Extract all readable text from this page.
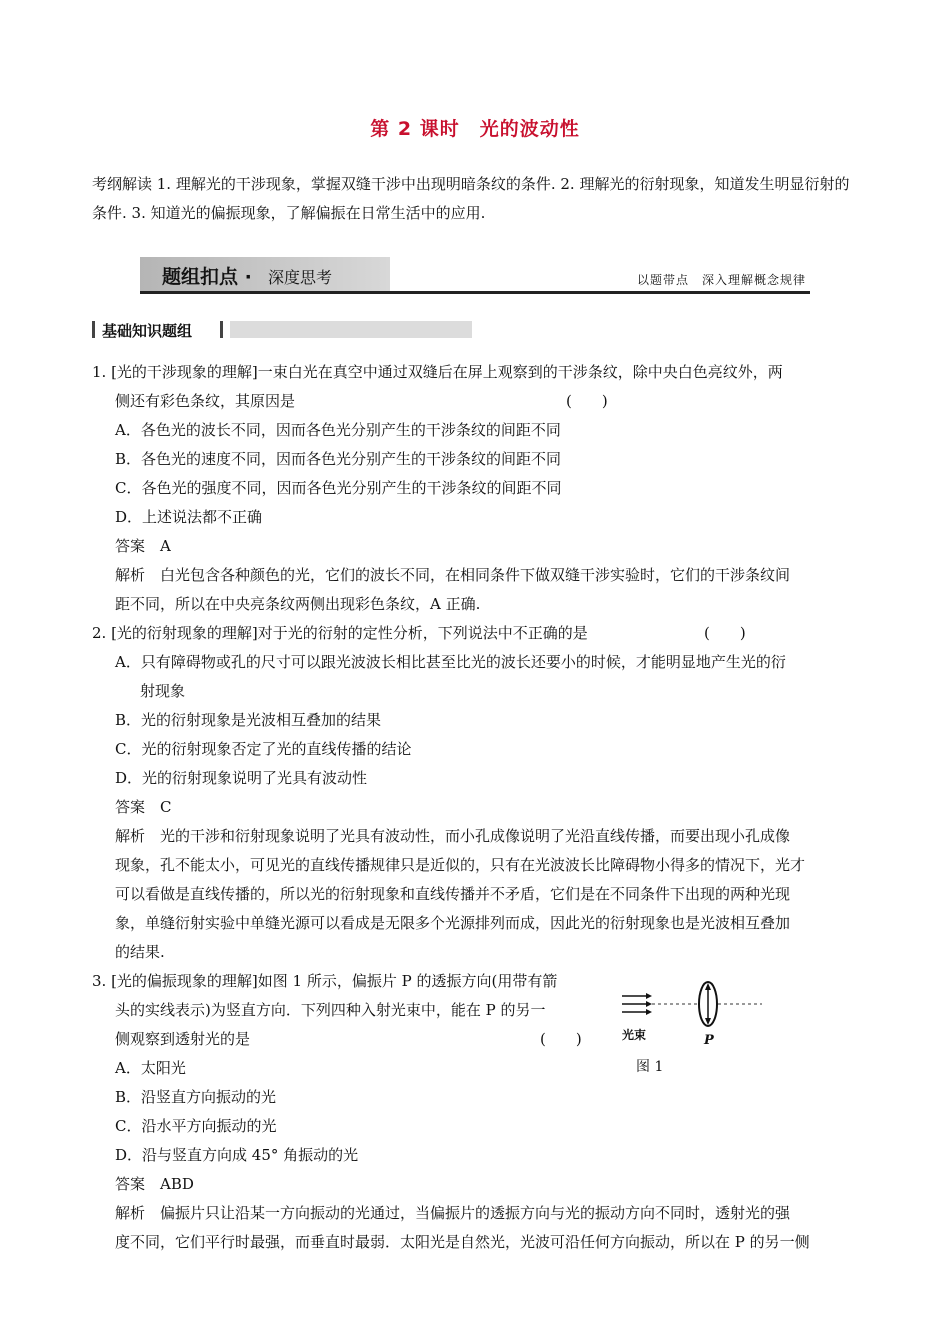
第 2 课时　光的波动性
考纲解读 1. 理解光的干涉现象，掌握双缝干涉中出现明暗条纹的条件. 2. 理解光的衍射现象，知道发生明显衍射的条件. 3. 知道光的偏振现象，了解偏振在日常生活中的应用.
题组扣点 · 深度思考	以题带点　深入理解概念规律
基础知识题组
1. [光的干涉现象的理解]一束白光在真空中通过双缝后在屏上观察到的干涉条纹，除中央白色亮纹外，两
侧还有彩色条纹，其原因是	(　　)
A．各色光的波长不同，因而各色光分别产生的干涉条纹的间距不同
B．各色光的速度不同，因而各色光分别产生的干涉条纹的间距不同
C．各色光的强度不同，因而各色光分别产生的干涉条纹的间距不同
D．上述说法都不正确
答案　A
解析　白光包含各种颜色的光，它们的波长不同，在相同条件下做双缝干涉实验时，它们的干涉条纹间
距不同，所以在中央亮条纹两侧出现彩色条纹，A 正确.
2. [光的衍射现象的理解]对于光的衍射的定性分析，下列说法中不正确的是	(　　)
A．只有障碍物或孔的尺寸可以跟光波波长相比甚至比光的波长还要小的时候，才能明显地产生光的衍
射现象
B．光的衍射现象是光波相互叠加的结果
C．光的衍射现象否定了光的直线传播的结论
D．光的衍射现象说明了光具有波动性
答案　C
解析　光的干涉和衍射现象说明了光具有波动性，而小孔成像说明了光沿直线传播，而要出现小孔成像
现象，孔不能太小，可见光的直线传播规律只是近似的，只有在光波波长比障碍物小得多的情况下，光才
可以看做是直线传播的，所以光的衍射现象和直线传播并不矛盾，它们是在不同条件下出现的两种光现
象，单缝衍射实验中单缝光源可以看成是无限多个光源排列而成，因此光的衍射现象也是光波相互叠加
的结果.
3. [光的偏振现象的理解]如图 1 所示，偏振片 P 的透振方向(用带有箭
头的实线表示)为竖直方向．下列四种入射光束中，能在 P 的另一
侧观察到透射光的是	(　　)
A．太阳光
B．沿竖直方向振动的光
C．沿水平方向振动的光
D．沿与竖直方向成 45° 角振动的光
答案　ABD
解析　偏振片只让沿某一方向振动的光通过，当偏振片的透振方向与光的振动方向不同时，透射光的强
度不同，它们平行时最强，而垂直时最弱．太阳光是自然光，光波可沿任何方向振动，所以在 P 的另一侧
光束	P
图 1
